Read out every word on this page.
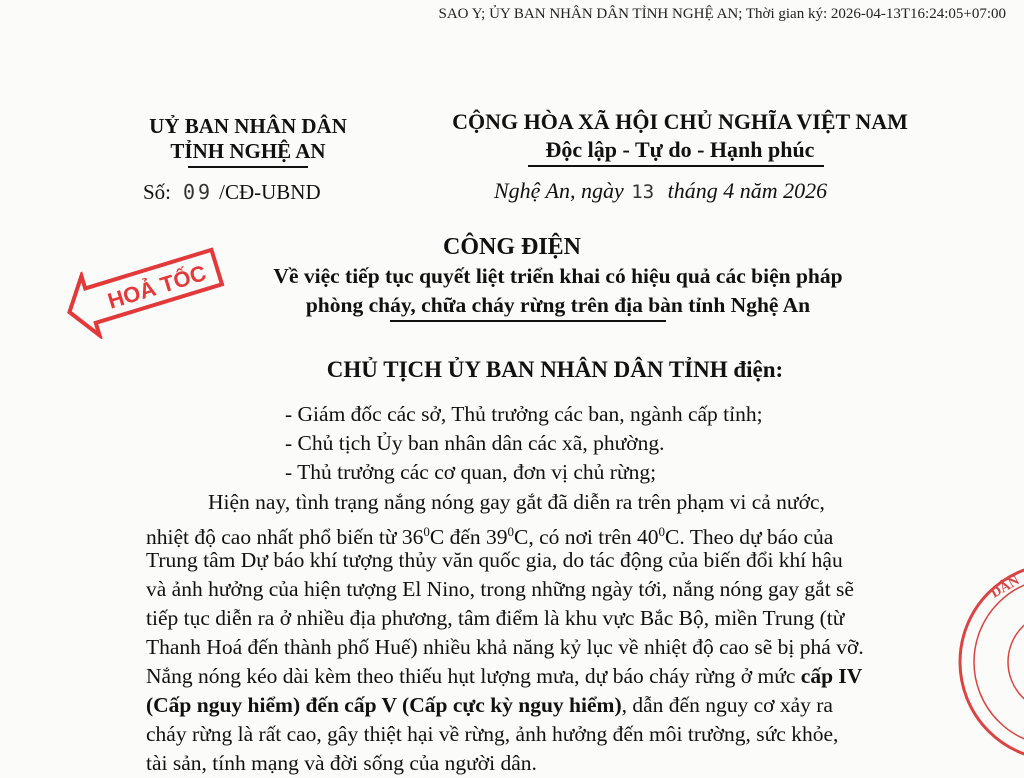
SAO Y; ỦY BAN NHÂN DÂN TỈNH NGHỆ AN; Thời gian ký: 2026-04-13T16:24:05+07:00
UỶ BAN NHÂN DÂN
TỈNH NGHỆ AN
CỘNG HÒA XÃ HỘI CHỦ NGHĨA VIỆT NAM
Độc lập - Tự do - Hạnh phúc
Số: 09 /CĐ-UBND	Nghệ An, ngày 13 tháng 4 năm 2026
HOẢ TỐC
CÔNG ĐIỆN
Về việc tiếp tục quyết liệt triển khai có hiệu quả các biện pháp
phòng cháy, chữa cháy rừng trên địa bàn tỉnh Nghệ An
CHỦ TỊCH ỦY BAN NHÂN DÂN TỈNH điện:
- Giám đốc các sở, Thủ trưởng các ban, ngành cấp tỉnh;
- Chủ tịch Ủy ban nhân dân các xã, phường.
- Thủ trưởng các cơ quan, đơn vị chủ rừng;
Hiện nay, tình trạng nắng nóng gay gắt đã diễn ra trên phạm vi cả nước,
nhiệt độ cao nhất phổ biến từ $36^0C$ đến $39^0C$, có nơi trên $40^0C$. Theo dự báo của
Trung tâm Dự báo khí tượng thủy văn quốc gia, do tác động của biến đổi khí hậu
và ảnh hưởng của hiện tượng El Nino, trong những ngày tới, nắng nóng gay gắt sẽ
tiếp tục diễn ra ở nhiều địa phương, tâm điểm là khu vực Bắc Bộ, miền Trung (từ
Thanh Hoá đến thành phố Huế) nhiều khả năng kỷ lục về nhiệt độ cao sẽ bị phá vỡ.
Nắng nóng kéo dài kèm theo thiếu hụt lượng mưa, dự báo cháy rừng ở mức cấp IV
(Cấp nguy hiểm) đến cấp V (Cấp cực kỳ nguy hiểm), dẫn đến nguy cơ xảy ra
cháy rừng là rất cao, gây thiệt hại về rừng, ảnh hưởng đến môi trường, sức khỏe,
tài sản, tính mạng và đời sống của người dân.
DÂN
